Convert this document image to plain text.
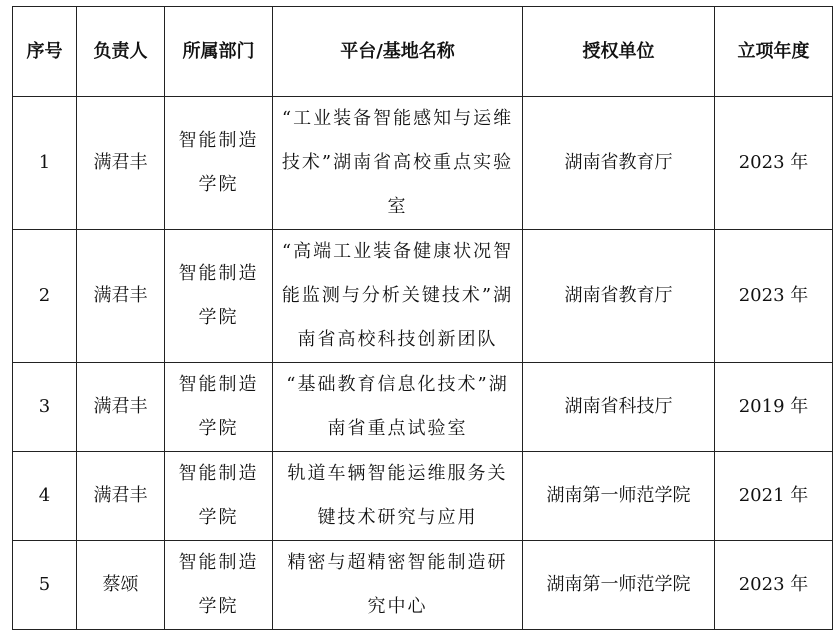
序号	负责人	所属部门	平台/基地名称	授权单位	立项年度
1	满君丰	智能制造学院	“工业装备智能感知与运维技术”湖南省高校重点实验室	湖南省教育厅	2023 年
2	满君丰	智能制造学院	“高端工业装备健康状况智能监测与分析关键技术”湖南省高校科技创新团队	湖南省教育厅	2023 年
3	满君丰	智能制造学院	“基础教育信息化技术”湖南省重点试验室	湖南省科技厅	2019 年
4	满君丰	智能制造学院	轨道车辆智能运维服务关键技术研究与应用	湖南第一师范学院	2021 年
5	蔡颂	智能制造学院	精密与超精密智能制造研究中心	湖南第一师范学院	2023 年
